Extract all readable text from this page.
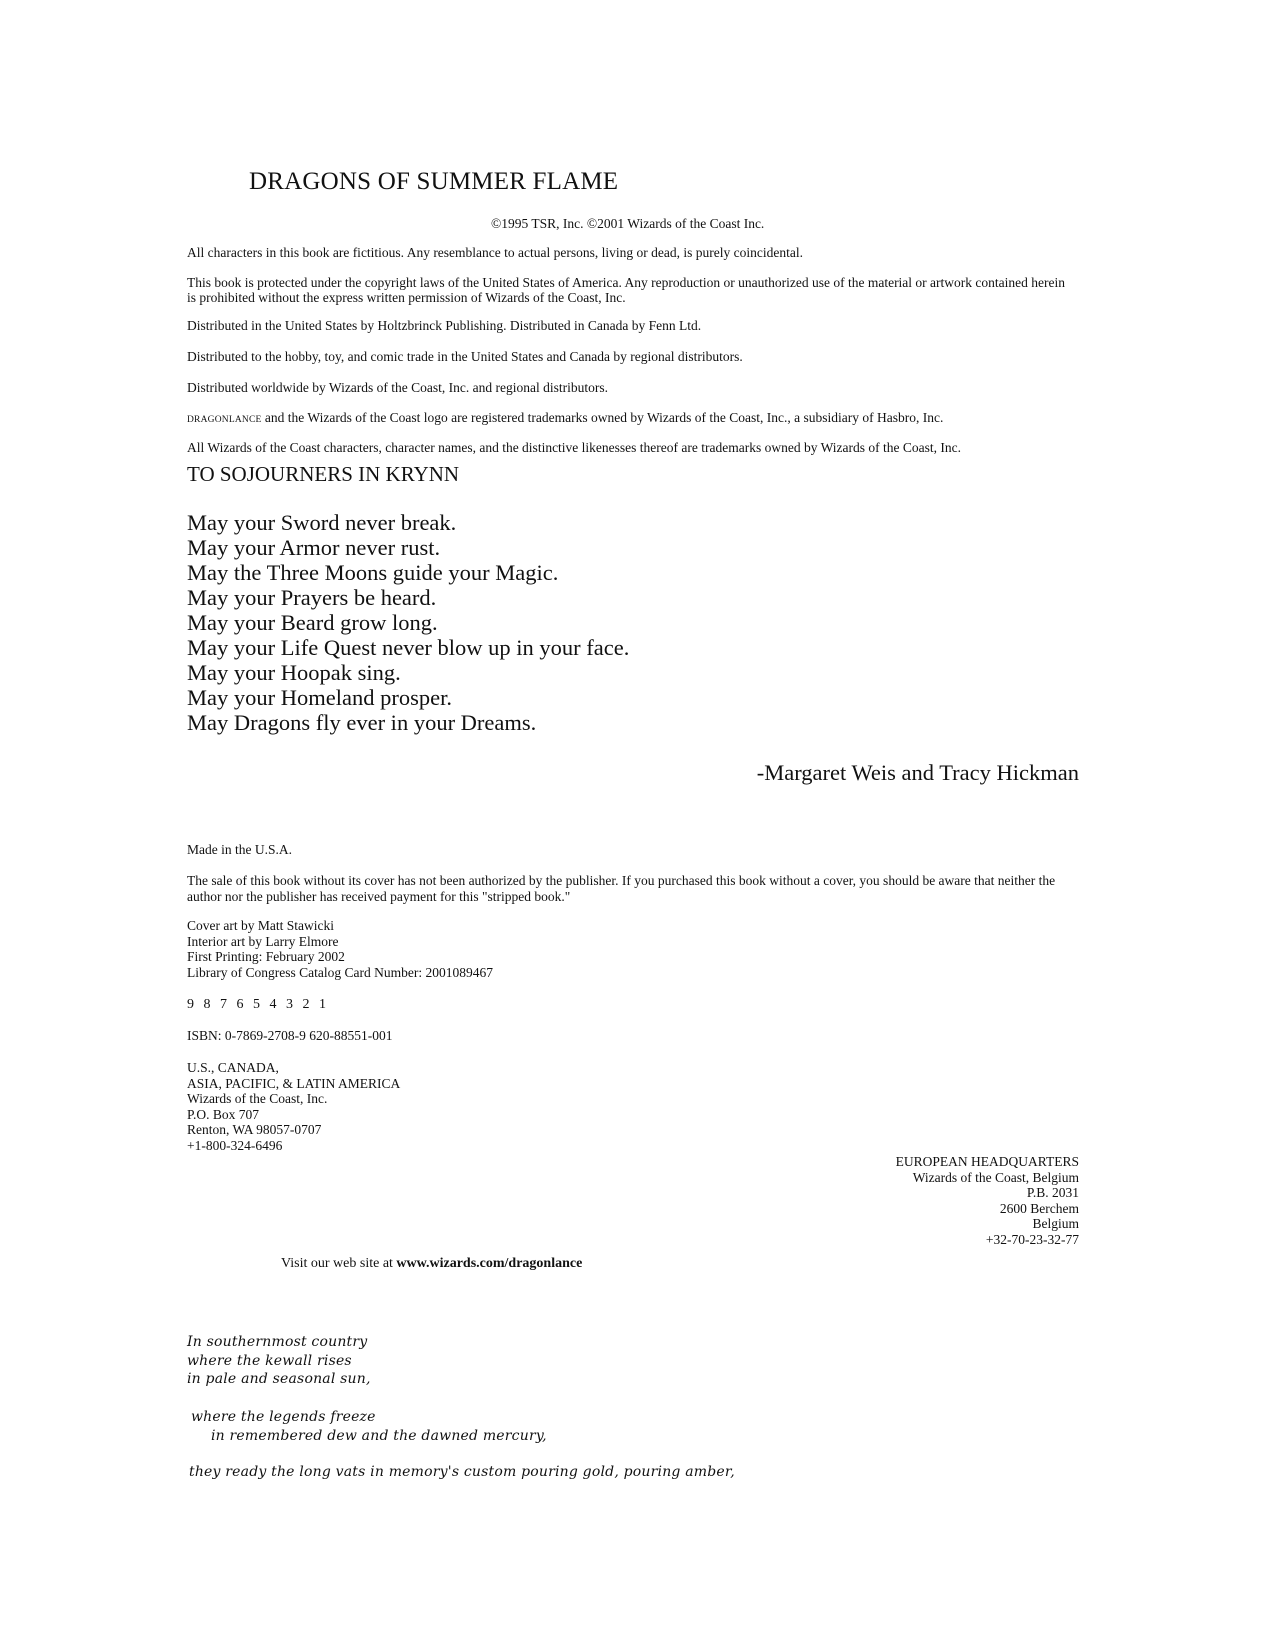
DRAGONS OF SUMMER FLAME
©1995 TSR, Inc. ©2001 Wizards of the Coast Inc.
All characters in this book are fictitious. Any resemblance to actual persons, living or dead, is purely coincidental.
This book is protected under the copyright laws of the United States of America. Any reproduction or unauthorized use of the material or artwork contained herein is prohibited without the express written permission of Wizards of the Coast, Inc.
Distributed in the United States by Holtzbrinck Publishing. Distributed in Canada by Fenn Ltd.
Distributed to the hobby, toy, and comic trade in the United States and Canada by regional distributors.
Distributed worldwide by Wizards of the Coast, Inc. and regional distributors.
DRAGONLANCE and the Wizards of the Coast logo are registered trademarks owned by Wizards of the Coast, Inc., a subsidiary of Hasbro, Inc.
All Wizards of the Coast characters, character names, and the distinctive likenesses thereof are trademarks owned by Wizards of the Coast, Inc.
TO SOJOURNERS IN KRYNN
May your Sword never break.
May your Armor never rust.
May the Three Moons guide your Magic.
May your Prayers be heard.
May your Beard grow long.
May your Life Quest never blow up in your face.
May your Hoopak sing.
May your Homeland prosper.
May Dragons fly ever in your Dreams.
-Margaret Weis and Tracy Hickman
Made in the U.S.A.
The sale of this book without its cover has not been authorized by the publisher. If you purchased this book without a cover, you should be aware that neither the author nor the publisher has received payment for this "stripped book."
Cover art by Matt Stawicki
Interior art by Larry Elmore
First Printing: February 2002
Library of Congress Catalog Card Number: 2001089467
9 8 7 6 5 4 3 2 1
ISBN: 0-7869-2708-9 620-88551-001
U.S., CANADA,
ASIA, PACIFIC, & LATIN AMERICA
Wizards of the Coast, Inc.
P.O. Box 707
Renton, WA 98057-0707
+1-800-324-6496
EUROPEAN HEADQUARTERS
Wizards of the Coast, Belgium
P.B. 2031
2600 Berchem
Belgium
+32-70-23-32-77
Visit our web site at www.wizards.com/dragonlance
In southernmost country
where the kewall rises
in pale and seasonal sun,
where the legends freeze
in remembered dew and the dawned mercury,
they ready the long vats in memory's custom pouring gold, pouring amber,
